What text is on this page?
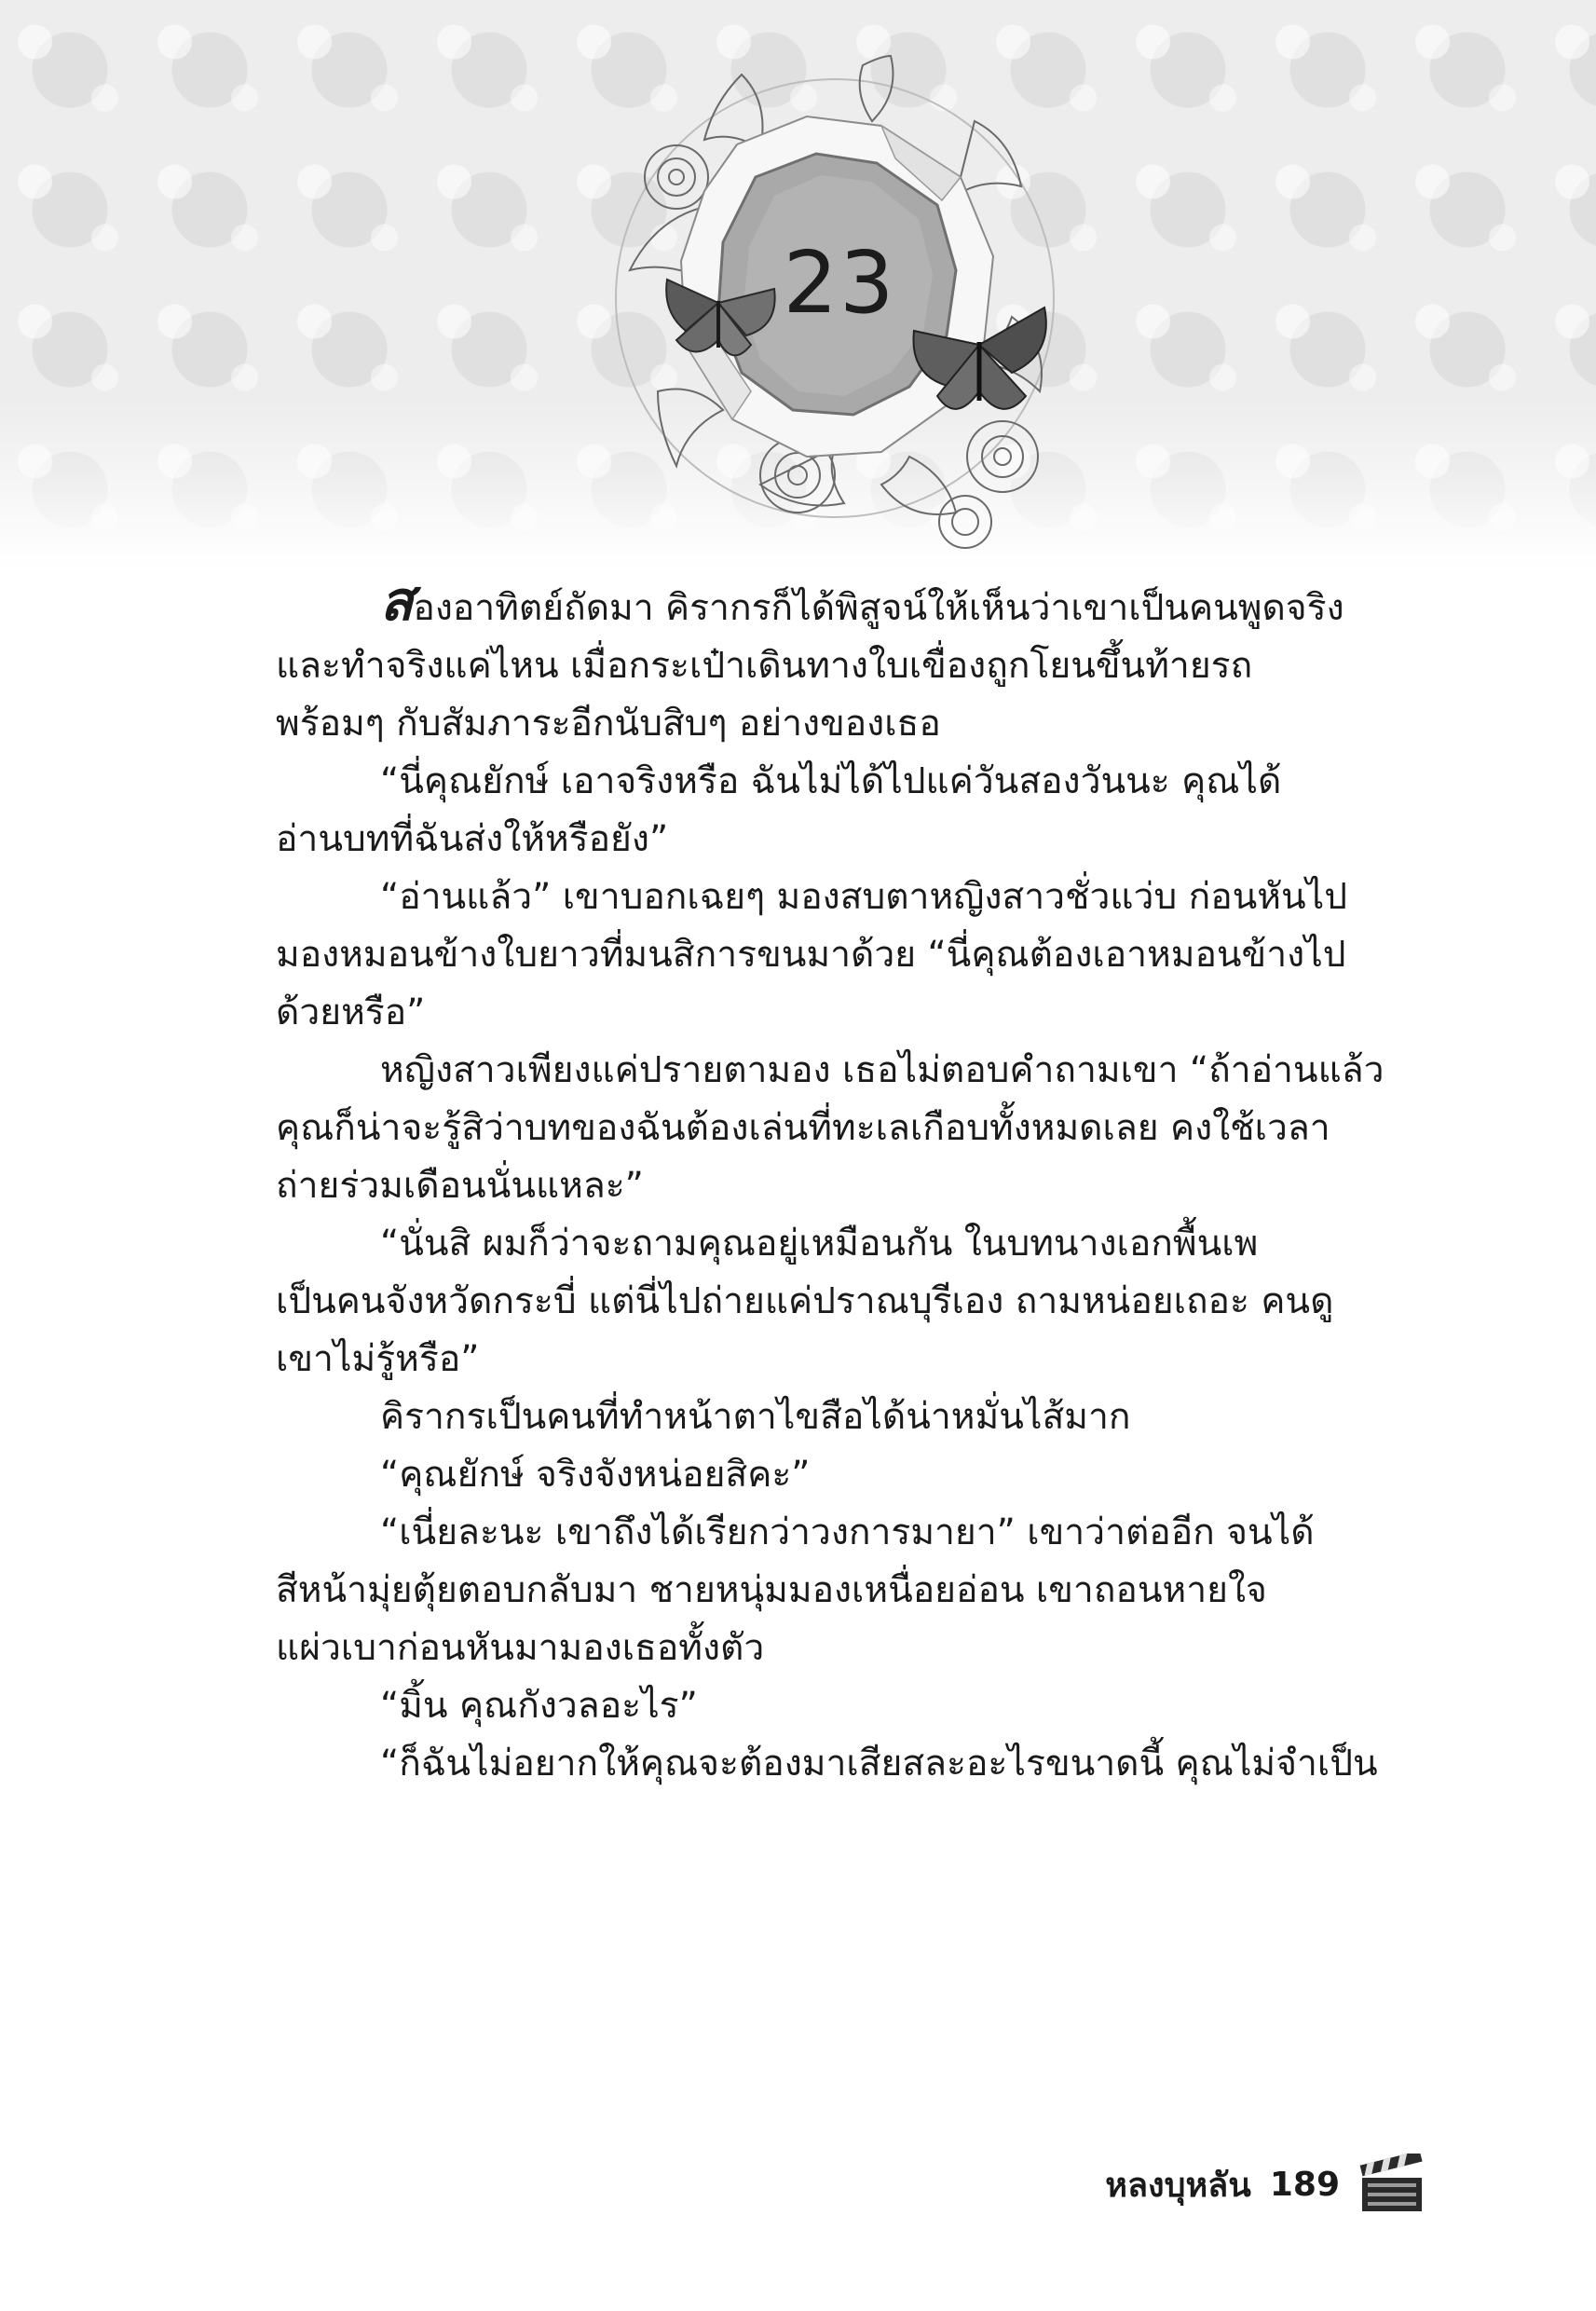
23

สองอาทิตย์ถัดมา คิรากรก็ได้พิสูจน์ให้เห็นว่าเขาเป็นคนพูดจริง

และทำจริงแค่ไหน เมื่อกระเป๋าเดินทางใบเขื่องถูกโยนขึ้นท้ายรถ

พร้อมๆ กับสัมภาระอีกนับสิบๆ อย่างของเธอ

“นี่คุณยักษ์ เอาจริงหรือ ฉันไม่ได้ไปแค่วันสองวันนะ คุณได้

อ่านบทที่ฉันส่งให้หรือยัง”

“อ่านแล้ว” เขาบอกเฉยๆ มองสบตาหญิงสาวชั่วแว่บ ก่อนหันไป

มองหมอนข้างใบยาวที่มนสิการขนมาด้วย “นี่คุณต้องเอาหมอนข้างไป

ด้วยหรือ”

หญิงสาวเพียงแค่ปรายตามอง เธอไม่ตอบคำถามเขา “ถ้าอ่านแล้ว

คุณก็น่าจะรู้สิว่าบทของฉันต้องเล่นที่ทะเลเกือบทั้งหมดเลย คงใช้เวลา

ถ่ายร่วมเดือนนั่นแหละ”

“นั่นสิ ผมก็ว่าจะถามคุณอยู่เหมือนกัน ในบทนางเอกพื้นเพ

เป็นคนจังหวัดกระบี่ แต่นี่ไปถ่ายแค่ปราณบุรีเอง ถามหน่อยเถอะ คนดู

เขาไม่รู้หรือ”

คิรากรเป็นคนที่ทำหน้าตาไขสือได้น่าหมั่นไส้มาก

“คุณยักษ์ จริงจังหน่อยสิคะ”

“เนี่ยละนะ เขาถึงได้เรียกว่าวงการมายา” เขาว่าต่ออีก จนได้

สีหน้ามุ่ยตุ้ยตอบกลับมา ชายหนุ่มมองเหนื่อยอ่อน เขาถอนหายใจ

แผ่วเบาก่อนหันมามองเธอทั้งตัว

“มิ้น คุณกังวลอะไร”

“ก็ฉันไม่อยากให้คุณจะต้องมาเสียสละอะไรขนาดนี้ คุณไม่จำเป็น

หลงบุหลัน 189
